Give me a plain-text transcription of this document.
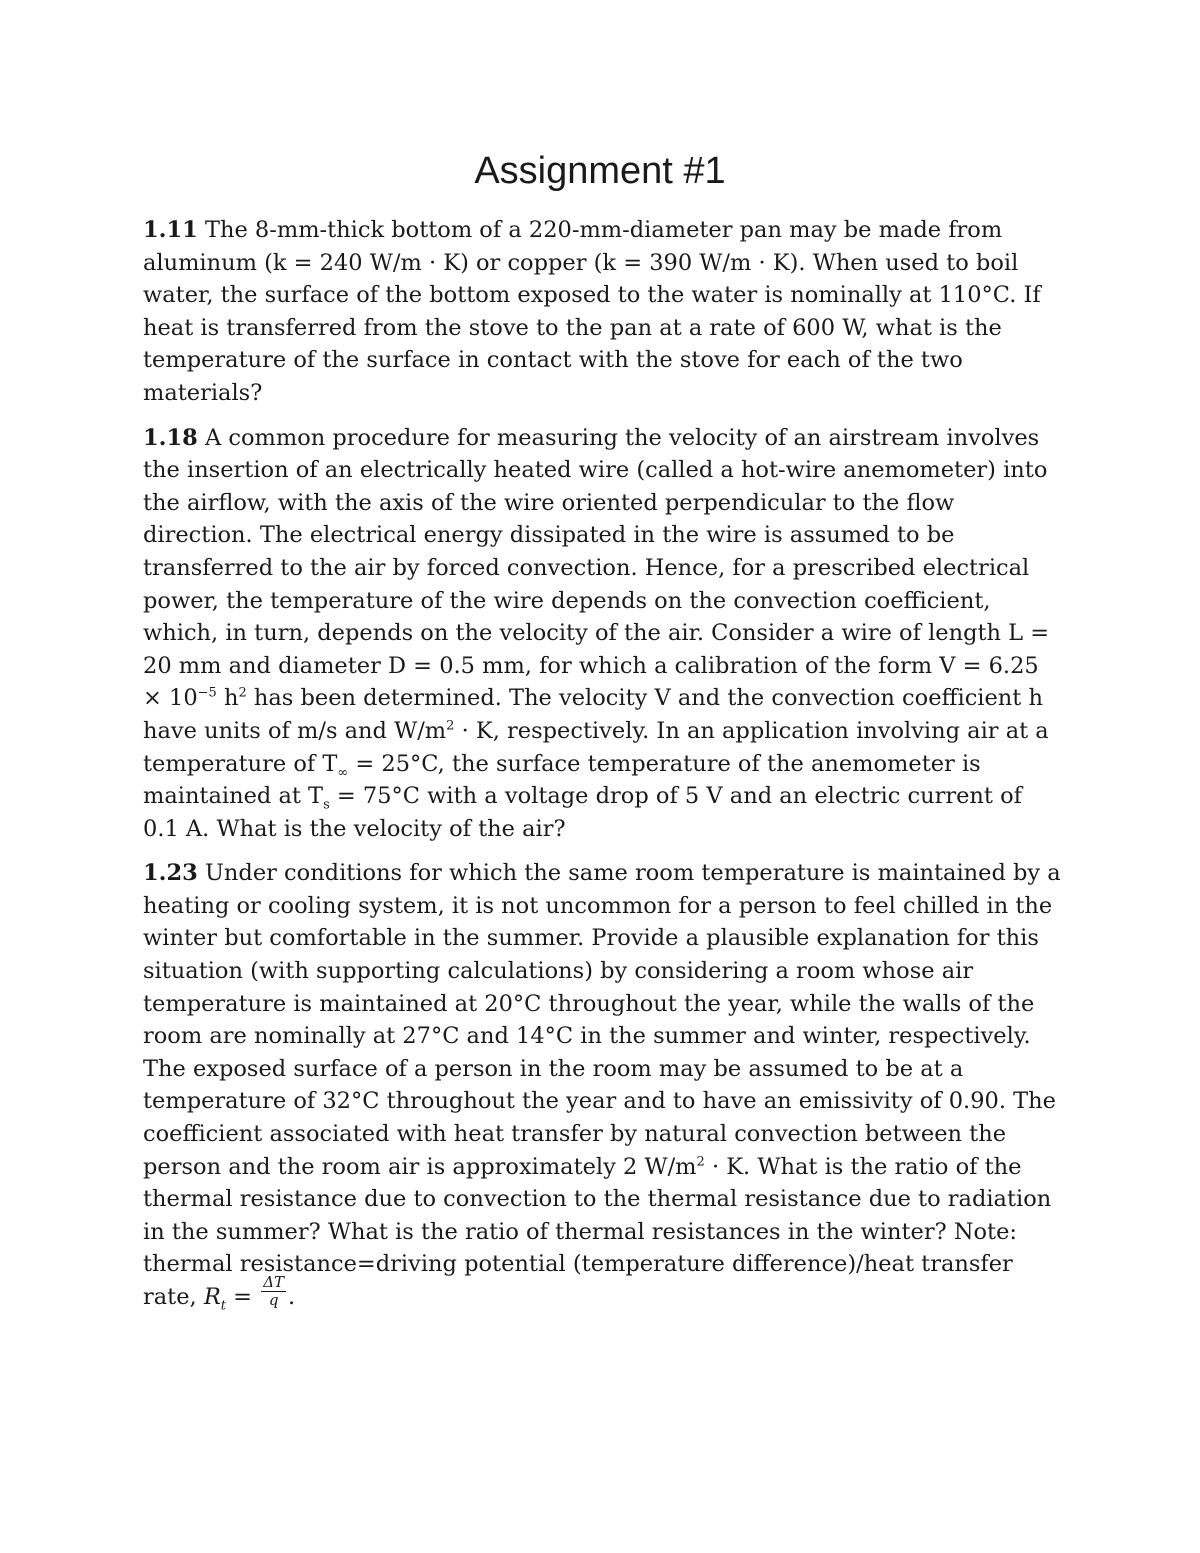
Assignment #1

1.11 The 8-mm-thick bottom of a 220-mm-diameter pan may be made from aluminum (k = 240 W/m · K) or copper (k = 390 W/m · K). When used to boil water, the surface of the bottom exposed to the water is nominally at 110°C. If heat is transferred from the stove to the pan at a rate of 600 W, what is the temperature of the surface in contact with the stove for each of the two materials?

1.18 A common procedure for measuring the velocity of an airstream involves the insertion of an electrically heated wire (called a hot-wire anemometer) into the airflow, with the axis of the wire oriented perpendicular to the flow direction. The electrical energy dissipated in the wire is assumed to be transferred to the air by forced convection. Hence, for a prescribed electrical power, the temperature of the wire depends on the convection coefficient, which, in turn, depends on the velocity of the air. Consider a wire of length L = 20 mm and diameter D = 0.5 mm, for which a calibration of the form $V = 6.25 \times 10^{-5}$ $h^2$ has been determined. The velocity V and the convection coefficient h have units of m/s and $W/m^2 \cdot K$, respectively. In an application involving air at a temperature of $T_\infty = 25^\circ C$, the surface temperature of the anemometer is maintained at $T_s = 75^\circ C$ with a voltage drop of 5 V and an electric current of 0.1 A. What is the velocity of the air?

1.23 Under conditions for which the same room temperature is maintained by a heating or cooling system, it is not uncommon for a person to feel chilled in the winter but comfortable in the summer. Provide a plausible explanation for this situation (with supporting calculations) by considering a room whose air temperature is maintained at 20°C throughout the year, while the walls of the room are nominally at 27°C and 14°C in the summer and winter, respectively. The exposed surface of a person in the room may be assumed to be at a temperature of 32°C throughout the year and to have an emissivity of 0.90. The coefficient associated with heat transfer by natural convection between the person and the room air is approximately 2 $W/m^2 \cdot K$. What is the ratio of the thermal resistance due to convection to the thermal resistance due to radiation in the summer? What is the ratio of thermal resistances in the winter? Note: thermal resistance=driving potential (temperature difference)/heat transfer rate, $R_t = \frac{\Delta T}{q}$ .
